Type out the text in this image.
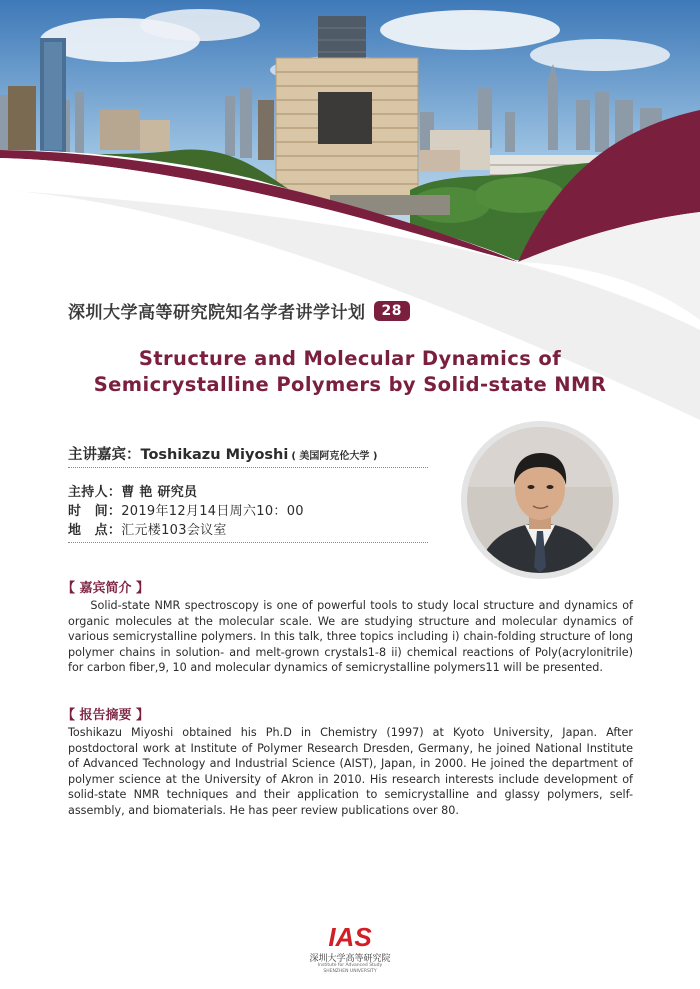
深圳大学高等研究院知名学者讲学计划	28
Structure and Molecular Dynamics of
Semicrystalline Polymers by Solid-state NMR
主讲嘉宾：Toshikazu Miyoshi ( 美国阿克伦大学 )
主持人：曹 艳 研究员
时　间：2019年12月14日周六10：00
地　点：汇元楼103会议室
【 嘉宾简介 】
Solid-state NMR spectroscopy is one of powerful tools to study local structure and dynamics of organic molecules at the molecular scale. We are studying structure and molecular dynamics of various semicrystalline polymers. In this talk, three topics including i) chain-folding structure of long polymer chains in solution- and melt-grown crystals1-8 ii) chemical reactions of Poly(acrylonitrile) for carbon fiber,9, 10 and molecular dynamics of semicrystalline polymers11 will be presented.
【 报告摘要 】
Toshikazu Miyoshi obtained his Ph.D in Chemistry (1997) at Kyoto University, Japan. After postdoctoral work at Institute of Polymer Research Dresden, Germany, he joined National Institute of Advanced Technology and Industrial Science (AIST), Japan, in 2000. He joined the department of polymer science at the University of Akron in 2010. His research interests include development of solid-state NMR techniques and their application to semicrystalline and glassy polymers, self-assembly, and biomaterials. He has peer review publications over 80.
IAS
深圳大学高等研究院
Institute for Advanced Study
SHENZHEN UNIVERSITY
